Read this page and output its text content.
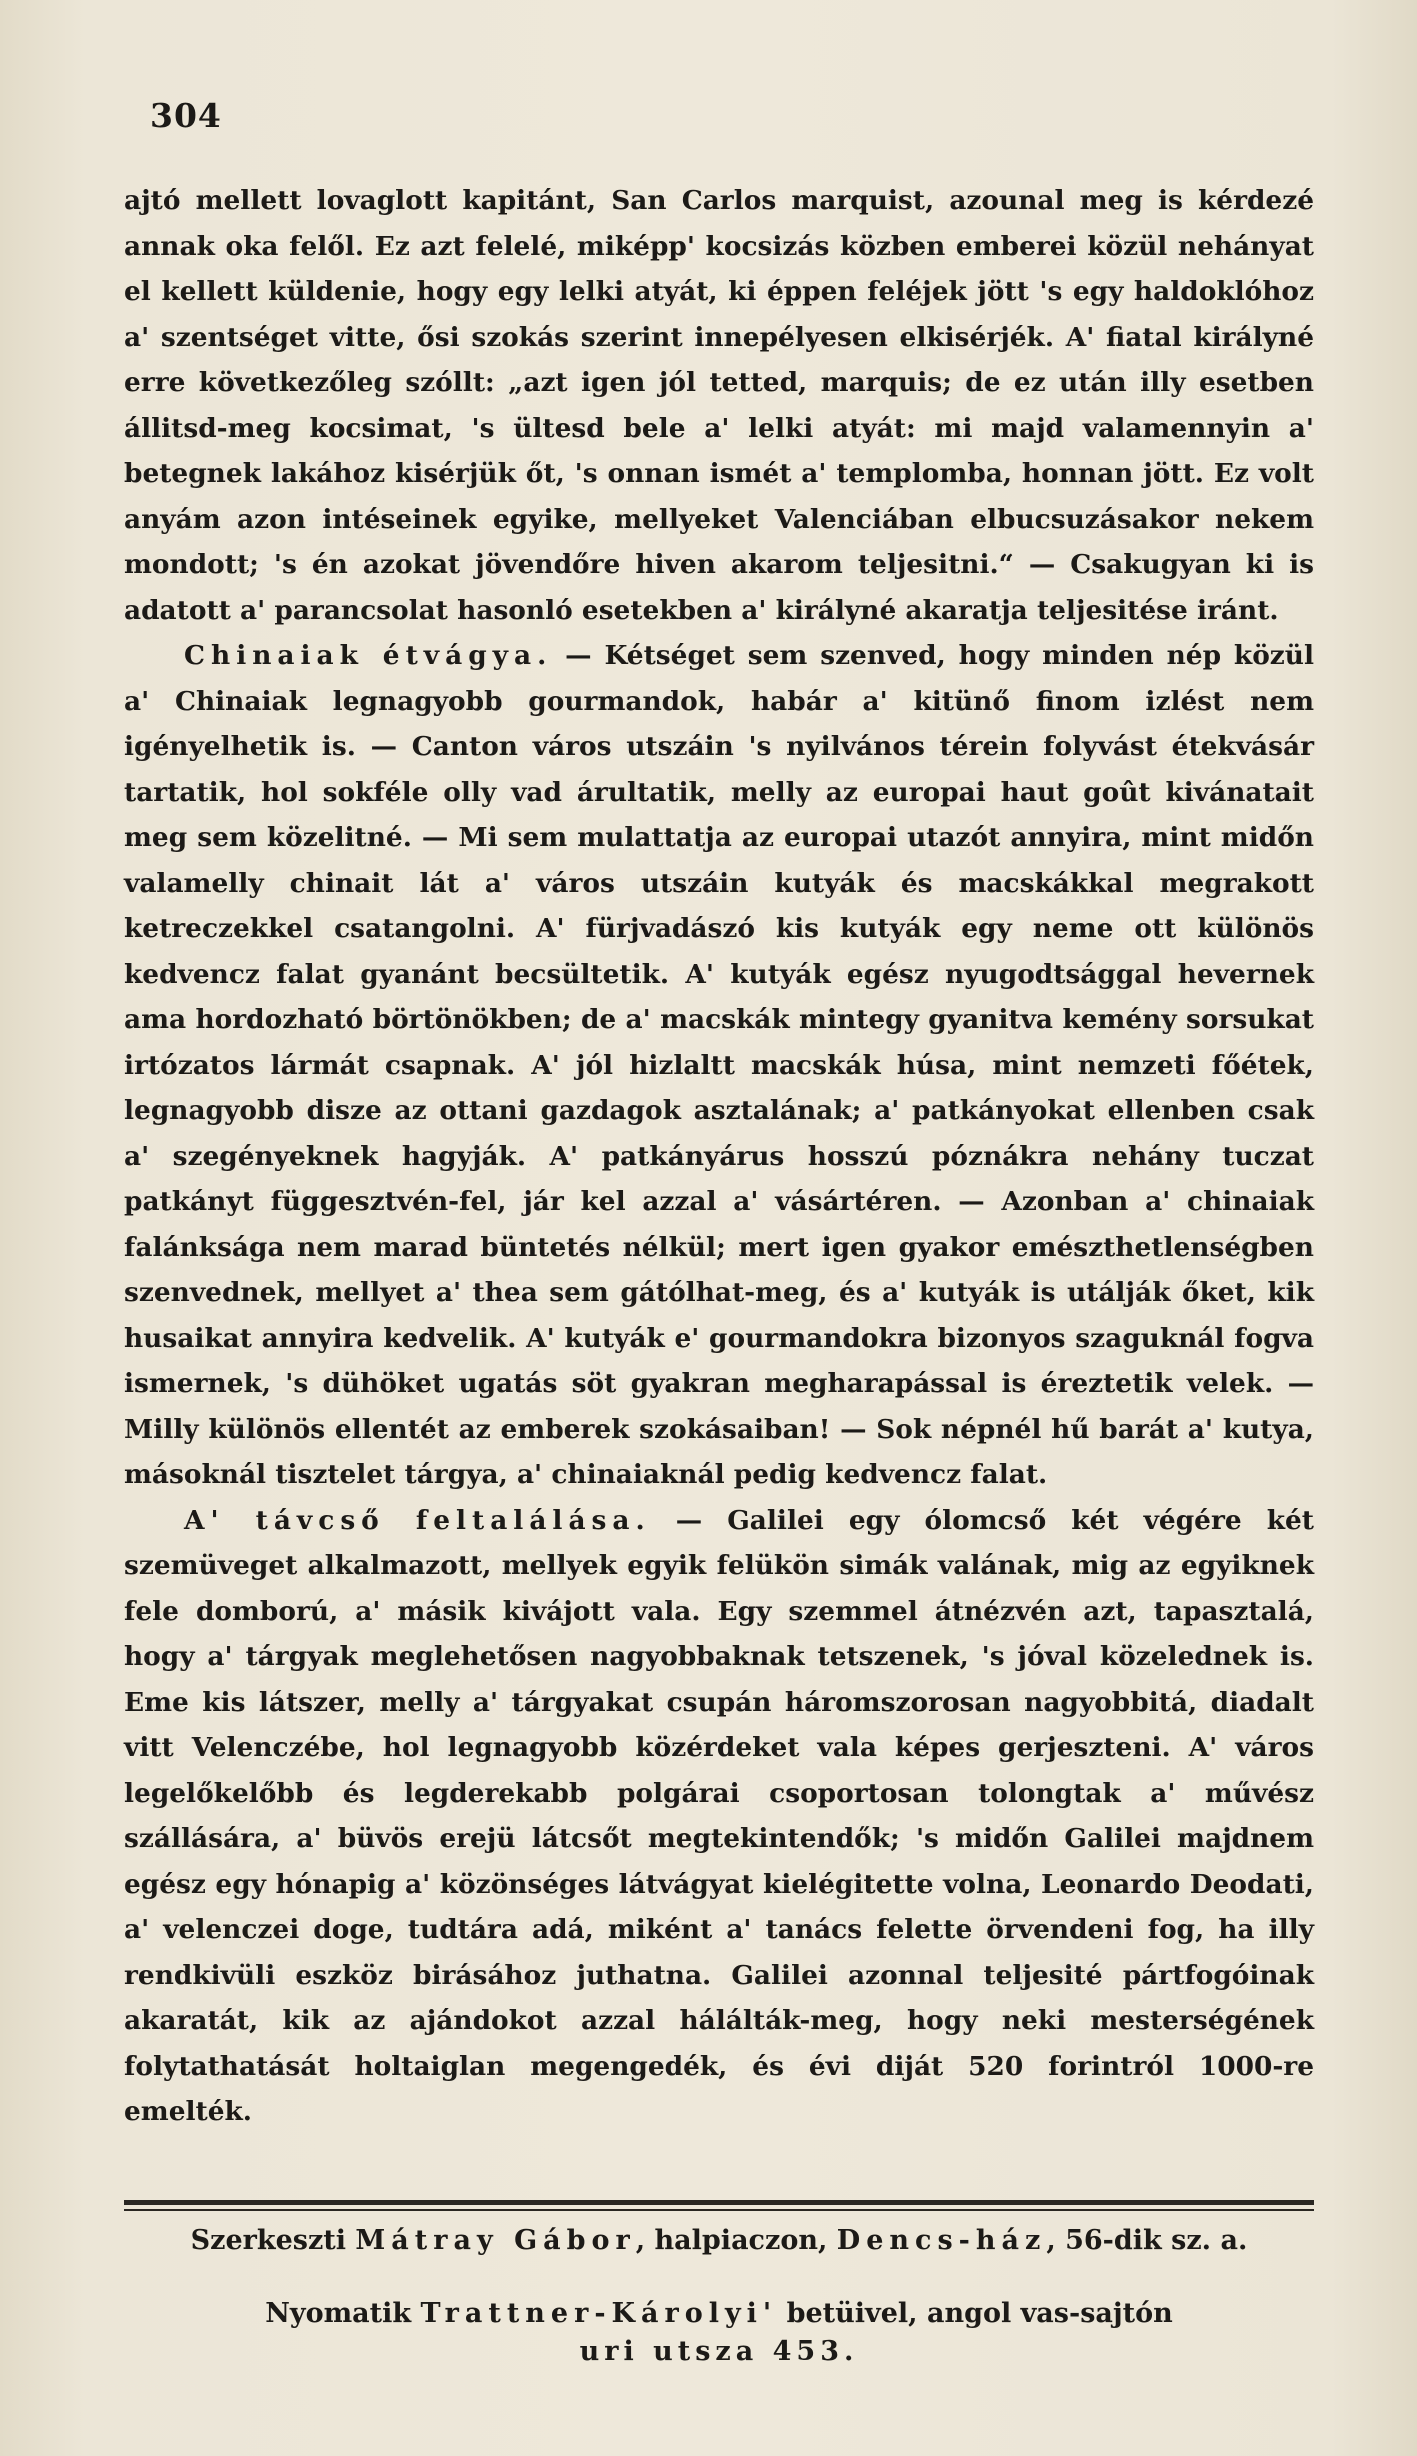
304

ajtó mellett lovaglott kapitánt, San Carlos marquist, azounal meg is kérdezé annak oka felől. Ez azt felelé, miképp' kocsizás közben emberei közül nehányat el kellett küldenie, hogy egy lelki atyát, ki éppen feléjek jött 's egy haldoklóhoz a' szentséget vitte, ősi szokás szerint innepélyesen elkisérjék. A' fiatal királyné erre következőleg szóllt: „azt igen jól tetted, marquis; de ez után illy esetben állitsd-meg kocsimat, 's ültesd bele a' lelki atyát: mi majd valamennyin a' betegnek lakához kisérjük őt, 's onnan ismét a' templomba, honnan jött. Ez volt anyám azon intéseinek egyike, mellyeket Valenciában elbucsuzásakor nekem mondott; 's én azokat jövendőre hiven akarom teljesitni.“ — Csakugyan ki is adatott a' parancsolat hasonló esetekben a' királyné akaratja teljesitése iránt.

Chinaiak étvágya. — Kétséget sem szenved, hogy minden nép közül a' Chinaiak legnagyobb gourmandok, habár a' kitünő finom izlést nem igényelhetik is. — Canton város utszáin 's nyilvános térein folyvást étekvásár tartatik, hol sokféle olly vad árultatik, melly az europai haut goût kivánatait meg sem közelitné. — Mi sem mulattatja az europai utazót annyira, mint midőn valamelly chinait lát a' város utszáin kutyák és macskákkal megrakott ketreczekkel csatangolni. A' fürjvadászó kis kutyák egy neme ott különös kedvencz falat gyanánt becsültetik. A' kutyák egész nyugodtsággal hevernek ama hordozható börtönökben; de a' macskák mintegy gyanitva kemény sorsukat irtózatos lármát csapnak. A' jól hizlaltt macskák húsa, mint nemzeti főétek, legnagyobb disze az ottani gazdagok asztalának; a' patkányokat ellenben csak a' szegényeknek hagyják. A' patkányárus hosszú póznákra nehány tuczat patkányt függesztvén-fel, jár kel azzal a' vásártéren. — Azonban a' chinaiak falánksága nem marad büntetés nélkül; mert igen gyakor emészthetlenségben szenvednek, mellyet a' thea sem gátólhat-meg, és a' kutyák is utálják őket, kik husaikat annyira kedvelik. A' kutyák e' gourmandokra bizonyos szaguknál fogva ismernek, 's dühöket ugatás söt gyakran megharapással is éreztetik velek. — Milly különös ellentét az emberek szokásaiban! — Sok népnél hű barát a' kutya, másoknál tisztelet tárgya, a' chinaiaknál pedig kedvencz falat.

A' távcső feltalálása. — Galilei egy ólomcső két végére két szemüveget alkalmazott, mellyek egyik felükön simák valának, mig az egyiknek fele domború, a' másik kivájott vala. Egy szemmel átnézvén azt, tapasztalá, hogy a' tárgyak meglehetősen nagyobbaknak tetszenek, 's jóval közelednek is. Eme kis látszer, melly a' tárgyakat csupán háromszorosan nagyobbitá, diadalt vitt Velenczébe, hol legnagyobb közérdeket vala képes gerjeszteni. A' város legelőkelőbb és legderekabb polgárai csoportosan tolongtak a' művész szállására, a' büvös erejü látcsőt megtekintendők; 's midőn Galilei majdnem egész egy hónapig a' közönséges látvágyat kielégitette volna, Leonardo Deodati, a' velenczei doge, tudtára adá, miként a' tanács felette örvendeni fog, ha illy rendkivüli eszköz birásához juthatna. Galilei azonnal teljesité pártfogóinak akaratát, kik az ajándokot azzal hálálták-meg, hogy neki mesterségének folytathatását holtaiglan megengedék, és évi diját 520 forintról 1000-re emelték.

Szerkeszti Mátray Gábor, halpiaczon, Dencs-ház, 56-dik sz. a.
Nyomatik Trattner-Károlyi' betüivel, angol vas-sajtón
uri utsza 453.
